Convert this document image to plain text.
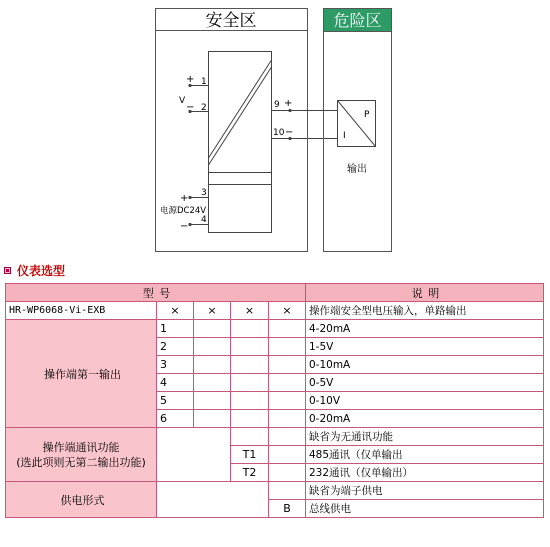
安全区	危险区
1
2
+
−
V
3
4
+
−
电源DC24V
9
10
+
−
P
I
输出
仪表选型
型 号					说 明
HR-WP6068-Vi-EXB	×	×	×	×	操作端安全型电压输入，单路输出
操作端第一输出	1				4-20mA
	2				1-5V
	3				0-10mA
	4				0-5V
	5				0-10V
	6				0-20mA

操作端通讯功能
(选此项则无第二输出功能)					缺省为无通讯功能
			T1		485通讯（仅单输出
			T2		232通讯（仅单输出）
供电形式					缺省为端子供电
				B	总线供电
